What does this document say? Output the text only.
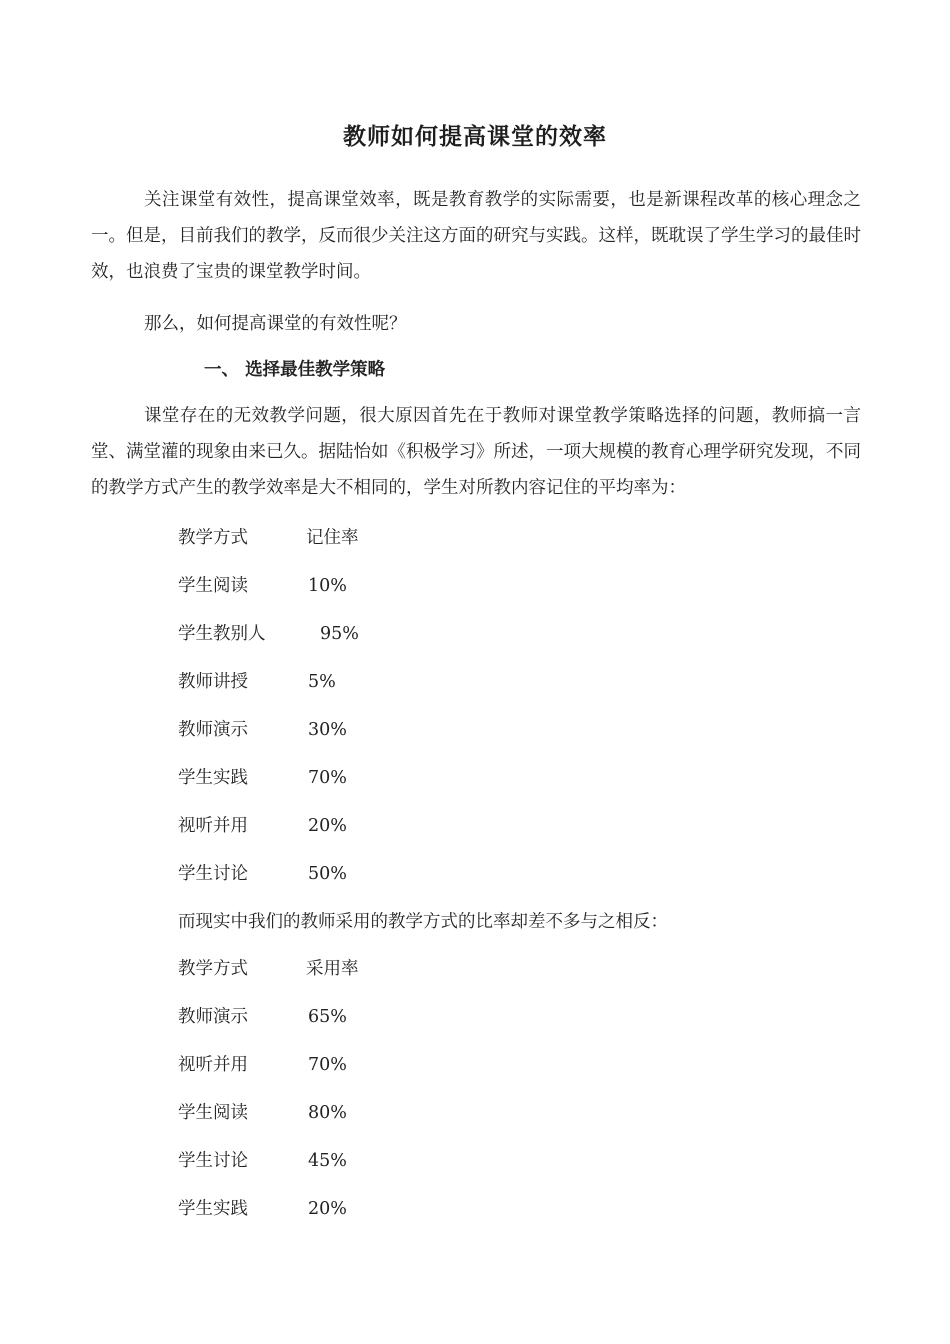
教师如何提高课堂的效率
关注课堂有效性，提高课堂效率，既是教育教学的实际需要，也是新课程改革的核心理念之一。但是，目前我们的教学，反而很少关注这方面的研究与实践。这样，既耽误了学生学习的最佳时效，也浪费了宝贵的课堂教学时间。
那么，如何提高课堂的有效性呢？
一、 选择最佳教学策略
课堂存在的无效教学问题，很大原因首先在于教师对课堂教学策略选择的问题，教师搞一言堂、满堂灌的现象由来已久。据陆怡如《积极学习》所述，一项大规模的教育心理学研究发现，不同的教学方式产生的教学效率是大不相同的，学生对所教内容记住的平均率为：
教学方式	记住率
学生阅读	10%
学生教别人	95%
教师讲授	5%
教师演示	30%
学生实践	70%
视听并用	20%
学生讨论	50%
而现实中我们的教师采用的教学方式的比率却差不多与之相反：
教学方式	采用率
教师演示	65%
视听并用	70%
学生阅读	80%
学生讨论	45%
学生实践	20%
